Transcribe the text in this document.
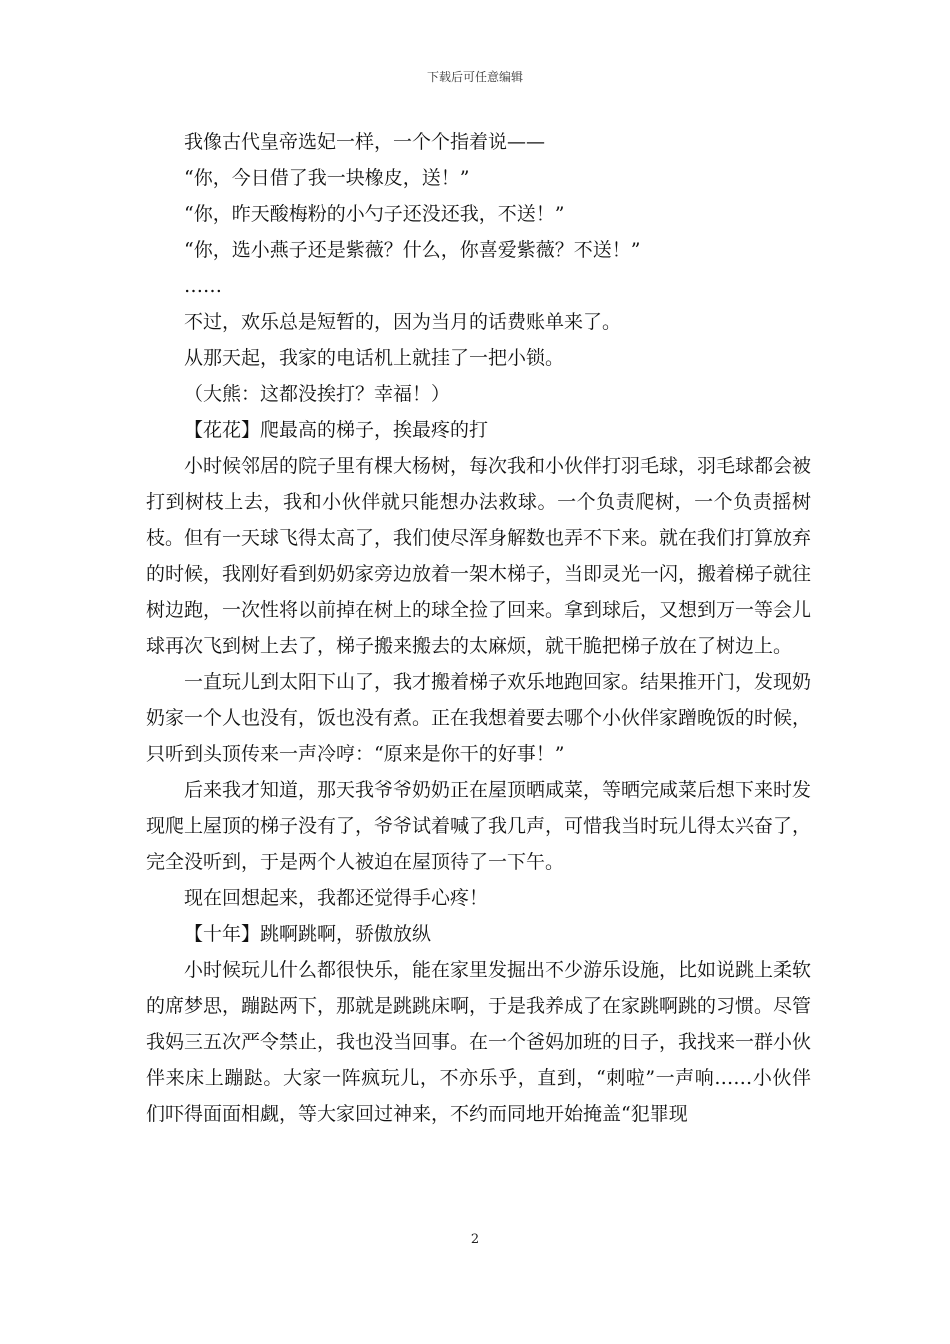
下载后可任意编辑

我像古代皇帝选妃一样，一个个指着说——

“你，今日借了我一块橡皮，送！”

“你，昨天酸梅粉的小勺子还没还我，不送！”

“你，选小燕子还是紫薇？什么，你喜爱紫薇？不送！”

……

不过，欢乐总是短暂的，因为当月的话费账单来了。

从那天起，我家的电话机上就挂了一把小锁。

（大熊：这都没挨打？幸福！）

【花花】爬最高的梯子，挨最疼的打

小时候邻居的院子里有棵大杨树，每次我和小伙伴打羽毛球，羽毛球都会被打到树枝上去，我和小伙伴就只能想办法救球。一个负责爬树，一个负责摇树枝。但有一天球飞得太高了，我们使尽浑身解数也弄不下来。就在我们打算放弃的时候，我刚好看到奶奶家旁边放着一架木梯子，当即灵光一闪，搬着梯子就往树边跑，一次性将以前掉在树上的球全捡了回来。拿到球后，又想到万一等会儿球再次飞到树上去了，梯子搬来搬去的太麻烦，就干脆把梯子放在了树边上。

一直玩儿到太阳下山了，我才搬着梯子欢乐地跑回家。结果推开门，发现奶奶家一个人也没有，饭也没有煮。正在我想着要去哪个小伙伴家蹭晚饭的时候，只听到头顶传来一声冷哼：“原来是你干的好事！”

后来我才知道，那天我爷爷奶奶正在屋顶晒咸菜，等晒完咸菜后想下来时发现爬上屋顶的梯子没有了，爷爷试着喊了我几声，可惜我当时玩儿得太兴奋了，完全没听到，于是两个人被迫在屋顶待了一下午。

现在回想起来，我都还觉得手心疼！

【十年】跳啊跳啊，骄傲放纵

小时候玩儿什么都很快乐，能在家里发掘出不少游乐设施，比如说跳上柔软的席梦思，蹦跶两下，那就是跳跳床啊，于是我养成了在家跳啊跳的习惯。尽管我妈三五次严令禁止，我也没当回事。在一个爸妈加班的日子，我找来一群小伙伴来床上蹦跶。大家一阵疯玩儿，不亦乐乎，直到，“刺啦”一声响……小伙伴们吓得面面相觑，等大家回过神来，不约而同地开始掩盖“犯罪现

2
